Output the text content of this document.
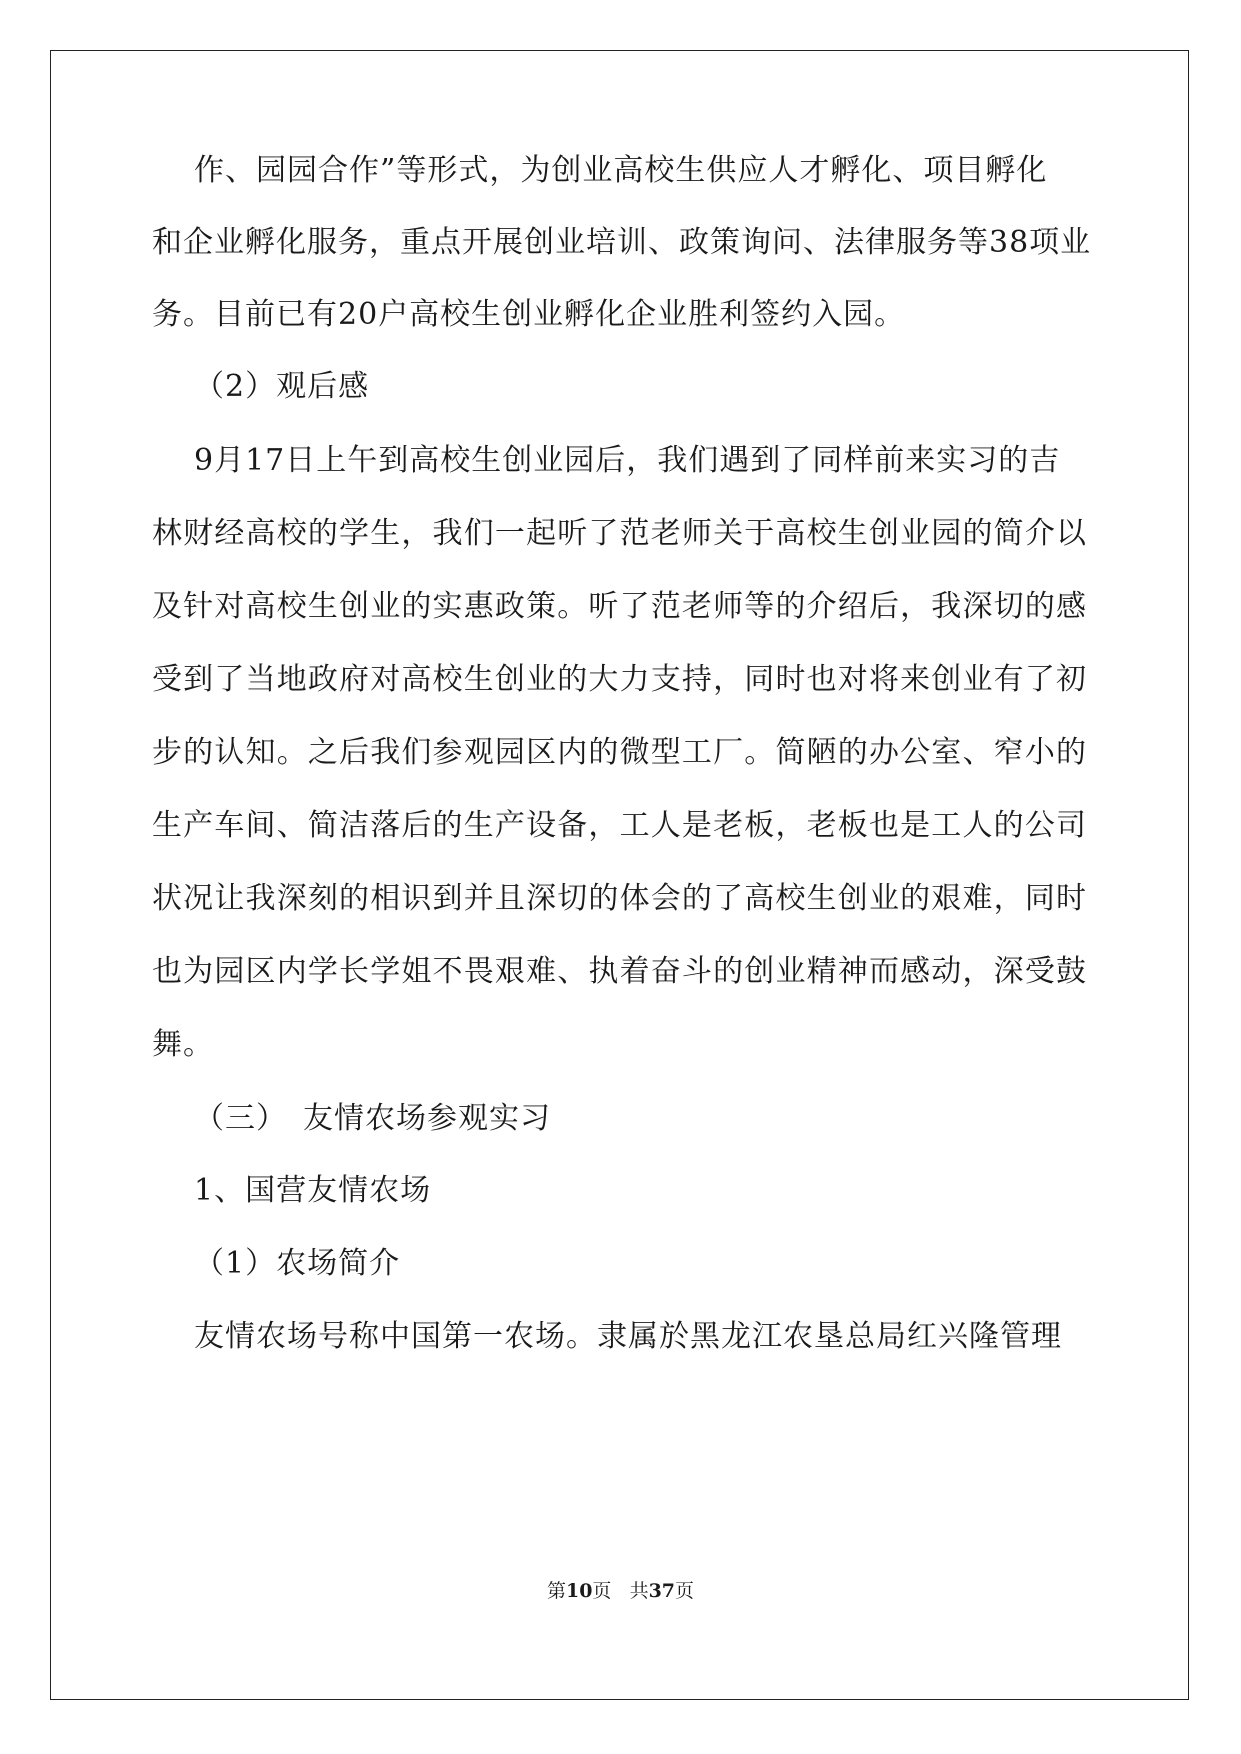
作、园园合作”等形式，为创业高校生供应人才孵化、项目孵化
和企业孵化服务，重点开展创业培训、政策询问、法律服务等38项业
务。目前已有20户高校生创业孵化企业胜利签约入园。
（2）观后感
9月17日上午到高校生创业园后，我们遇到了同样前来实习的吉
林财经高校的学生，我们一起听了范老师关于高校生创业园的简介以
及针对高校生创业的实惠政策。听了范老师等的介绍后，我深切的感
受到了当地政府对高校生创业的大力支持，同时也对将来创业有了初
步的认知。之后我们参观园区内的微型工厂。简陋的办公室、窄小的
生产车间、简洁落后的生产设备，工人是老板，老板也是工人的公司
状况让我深刻的相识到并且深切的体会的了高校生创业的艰难，同时
也为园区内学长学姐不畏艰难、执着奋斗的创业精神而感动，深受鼓
舞。
（三）　友情农场参观实习
1、国营友情农场
（1）农场简介
友情农场号称中国第一农场。隶属於黑龙江农垦总局红兴隆管理
第10页 共37页
